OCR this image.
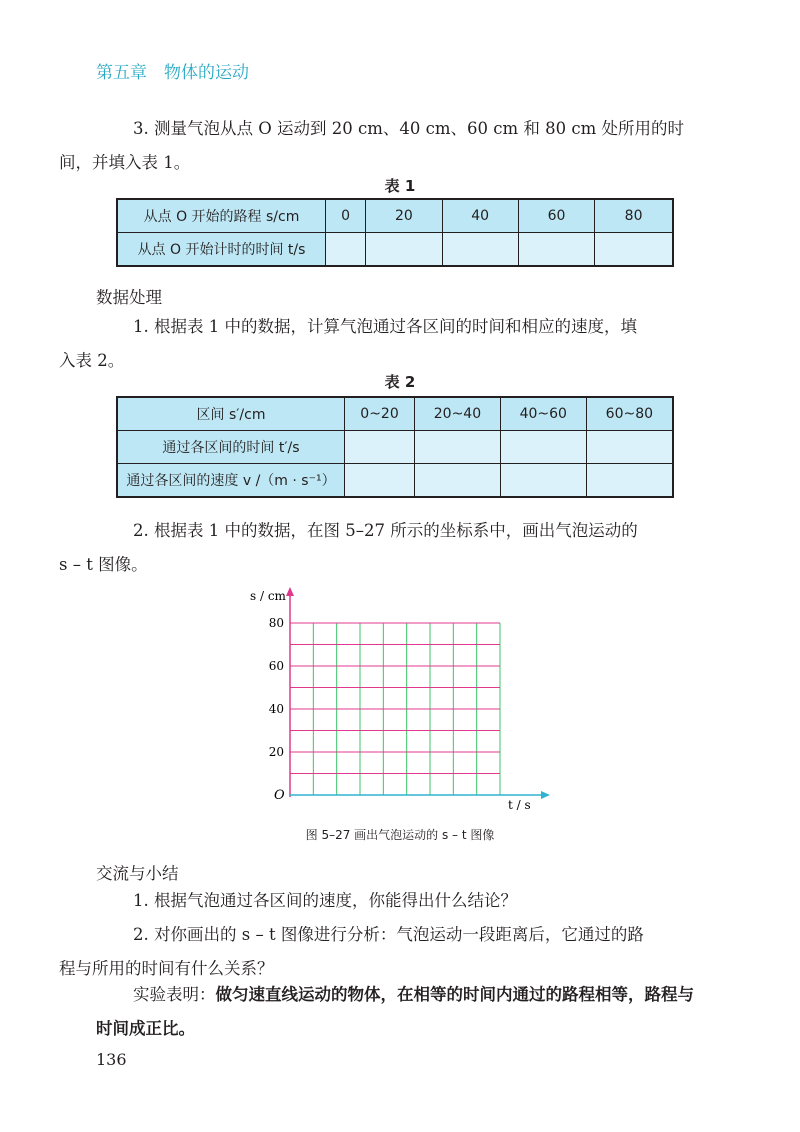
第五章　物体的运动
3. 测量气泡从点 O 运动到 20 cm、40 cm、60 cm 和 80 cm 处所用的时
间，并填入表 1。
表 1
从点 O 开始的路程 s/cm	0	20	40	60	80
从点 O 开始计时的时间 t/s					
数据处理
1. 根据表 1 中的数据，计算气泡通过各区间的时间和相应的速度，填
入表 2。
表 2
区间 s′/cm	0~20	20~40	40~60	60~80
通过各区间的时间 t′/s				
通过各区间的速度 v /（m · s⁻¹）				
2. 根据表 1 中的数据，在图 5–27 所示的坐标系中，画出气泡运动的
s – t 图像。
s / cm
t / s
O
20
40
60
80
图 5–27 画出气泡运动的 s – t 图像
交流与小结
1. 根据气泡通过各区间的速度，你能得出什么结论？
2. 对你画出的 s – t 图像进行分析：气泡运动一段距离后，它通过的路
程与所用的时间有什么关系？
实验表明：做匀速直线运动的物体，在相等的时间内通过的路程相等，路程与时间成正比。
136
